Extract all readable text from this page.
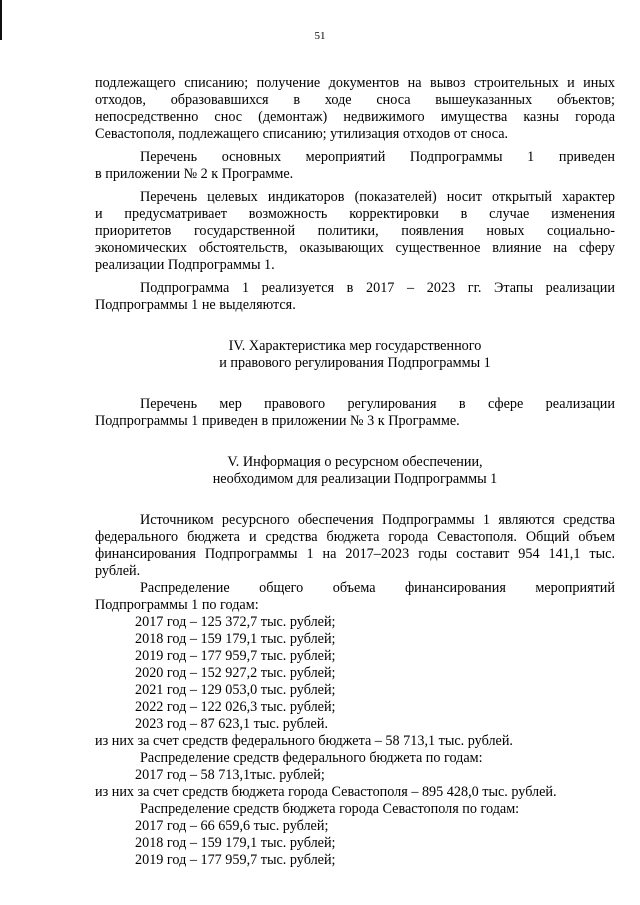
51

подлежащего списанию; получение документов на вывоз строительных и иных

отходов, образовавшихся в ходе сноса вышеуказанных объектов;

непосредственно снос (демонтаж) недвижимого имущества казны города

Севастополя, подлежащего списанию; утилизация отходов от сноса.

Перечень основных мероприятий Подпрограммы 1 приведен

в приложении № 2 к Программе.

Перечень целевых индикаторов (показателей) носит открытый характер

и предусматривает возможность корректировки в случае изменения

приоритетов государственной политики, появления новых социально-

экономических обстоятельств, оказывающих существенное влияние на сферу

реализации Подпрограммы 1.

Подпрограмма 1 реализуется в 2017 – 2023 гг. Этапы реализации

Подпрограммы 1 не выделяются.

IV. Характеристика мер государственного

и правового регулирования Подпрограммы 1

Перечень мер правового регулирования в сфере реализации

Подпрограммы 1 приведен в приложении № 3 к Программе.

V. Информация о ресурсном обеспечении,

необходимом для реализации Подпрограммы 1

Источником ресурсного обеспечения Подпрограммы 1 являются средства

федерального бюджета и средства бюджета города Севастополя. Общий объем

финансирования Подпрограммы 1 на 2017–2023 годы составит 954 141,1 тыс.

рублей.

Распределение общего объема финансирования мероприятий

Подпрограммы 1 по годам:

2017 год – 125 372,7 тыс. рублей;

2018 год – 159 179,1 тыс. рублей;

2019 год – 177 959,7 тыс. рублей;

2020 год – 152 927,2 тыс. рублей;

2021 год – 129 053,0 тыс. рублей;

2022 год – 122 026,3 тыс. рублей;

2023 год – 87 623,1 тыс. рублей.

из них за счет средств федерального бюджета – 58 713,1 тыс. рублей.

Распределение средств федерального бюджета по годам:

2017 год – 58 713,1тыс. рублей;

из них за счет средств бюджета города Севастополя – 895 428,0 тыс. рублей.

Распределение средств бюджета города Севастополя по годам:

2017 год – 66 659,6 тыс. рублей;

2018 год – 159 179,1 тыс. рублей;

2019 год – 177 959,7 тыс. рублей;
